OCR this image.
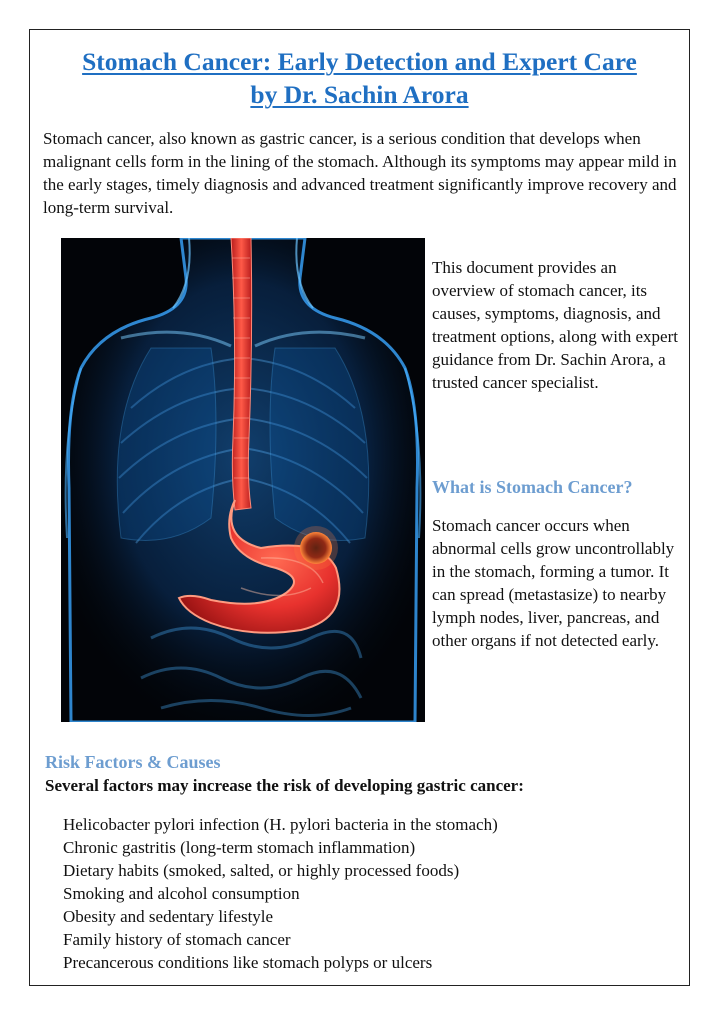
Stomach Cancer: Early Detection and Expert Care
by Dr. Sachin Arora

Stomach cancer, also known as gastric cancer, is a serious condition that develops when malignant cells form in the lining of the stomach. Although its symptoms may appear mild in the early stages, timely diagnosis and advanced treatment significantly improve recovery and long-term survival.

This document provides an overview of stomach cancer, its causes, symptoms, diagnosis, and treatment options, along with expert guidance from Dr. Sachin Arora, a trusted cancer specialist.

What is Stomach Cancer?

Stomach cancer occurs when abnormal cells grow uncontrollably in the stomach, forming a tumor. It can spread (metastasize) to nearby lymph nodes, liver, pancreas, and other organs if not detected early.

Risk Factors & Causes

Several factors may increase the risk of developing gastric cancer:

Helicobacter pylori infection (H. pylori bacteria in the stomach)
Chronic gastritis (long-term stomach inflammation)
Dietary habits (smoked, salted, or highly processed foods)
Smoking and alcohol consumption
Obesity and sedentary lifestyle
Family history of stomach cancer
Precancerous conditions like stomach polyps or ulcers
